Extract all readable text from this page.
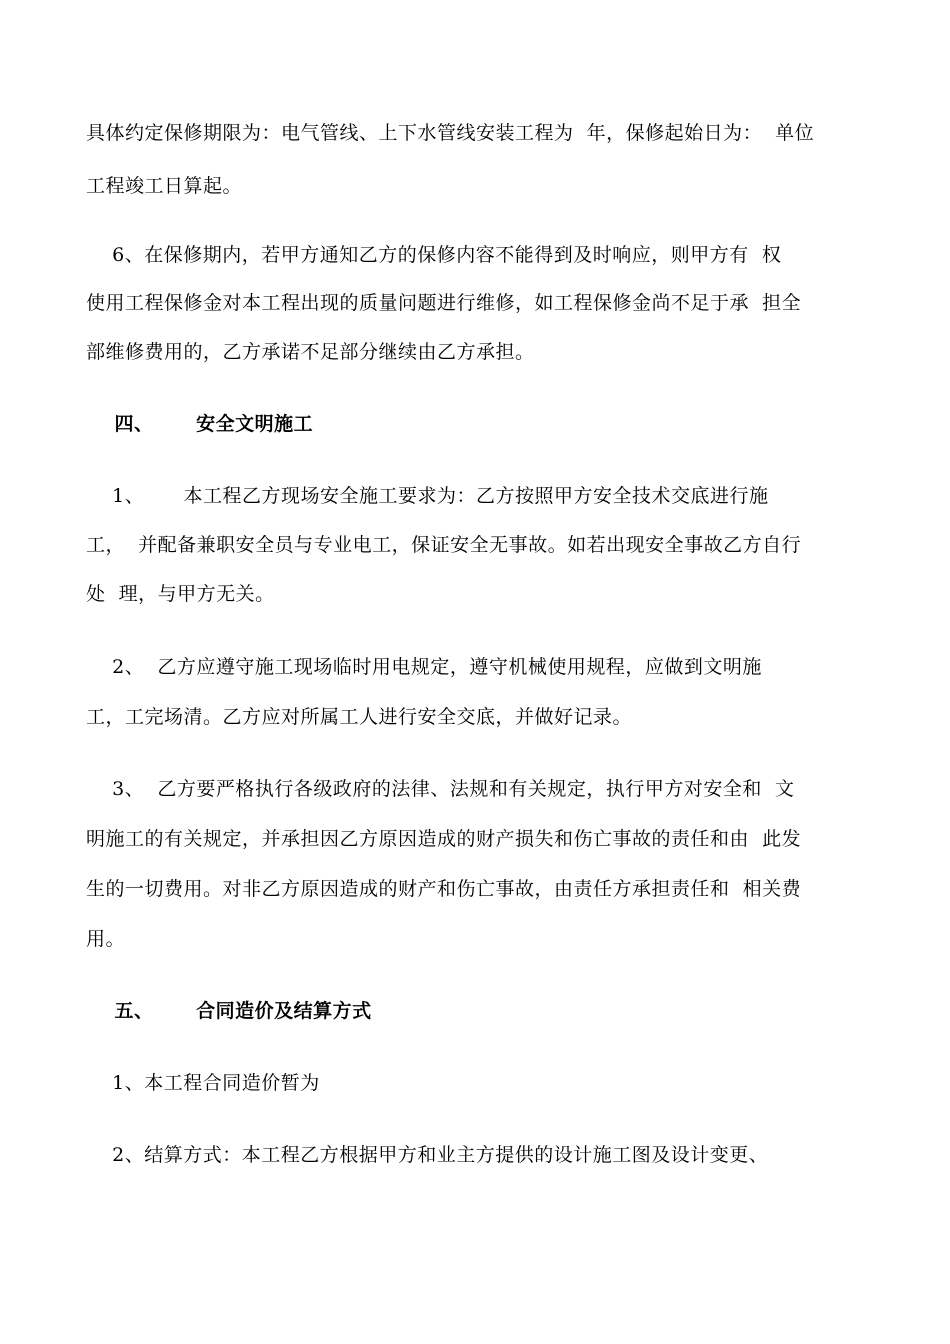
具体约定保修期限为：电气管线、上下水管线安装工程为  年，保修起始日为：  单位
工程竣工日算起。
6、在保修期内，若甲方通知乙方的保修内容不能得到及时响应，则甲方有  权
使用工程保修金对本工程出现的质量问题进行维修，如工程保修金尚不足于承  担全
部维修费用的，乙方承诺不足部分继续由乙方承担。
四、      安全文明施工
1、      本工程乙方现场安全施工要求为：乙方按照甲方安全技术交底进行施
工，  并配备兼职安全员与专业电工，保证安全无事故。如若出现安全事故乙方自行
处  理，与甲方无关。
2、  乙方应遵守施工现场临时用电规定，遵守机械使用规程，应做到文明施
工，工完场清。乙方应对所属工人进行安全交底，并做好记录。
3、  乙方要严格执行各级政府的法律、法规和有关规定，执行甲方对安全和  文
明施工的有关规定，并承担因乙方原因造成的财产损失和伤亡事故的责任和由  此发
生的一切费用。对非乙方原因造成的财产和伤亡事故，由责任方承担责任和  相关费
用。
五、      合同造价及结算方式
1、本工程合同造价暂为
2、结算方式：本工程乙方根据甲方和业主方提供的设计施工图及设计变更、
